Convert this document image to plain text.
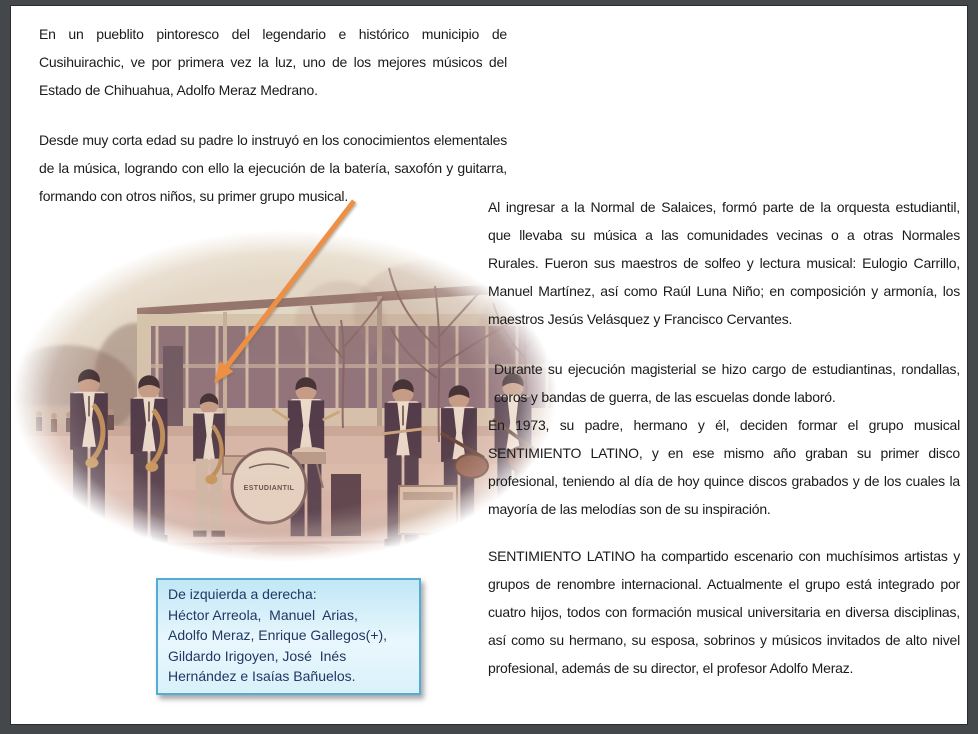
En un pueblito pintoresco del legendario e histórico municipio de Cusihuirachic, ve por primera vez la luz, uno de los mejores músicos del Estado de Chihuahua, Adolfo Meraz Medrano.

Desde muy corta edad su padre lo instruyó en los conocimientos elementales de la música, logrando con ello la ejecución de la batería, saxofón y guitarra, formando con otros niños, su primer grupo musical.

Al ingresar a la Normal de Salaices, formó parte de la orquesta estudiantil, que llevaba su música a las comunidades vecinas o a otras Normales Rurales. Fueron sus maestros de solfeo y lectura musical: Eulogio Carrillo, Manuel Martínez, así como Raúl Luna Niño; en composición y armonía, los maestros Jesús Velásquez y Francisco Cervantes.

Durante su ejecución magisterial se hizo cargo de estudiantinas, rondallas, coros y bandas de guerra, de las escuelas donde laboró.

En 1973, su padre, hermano y él, deciden formar el grupo musical SENTIMIENTO LATINO, y en ese mismo año graban su primer disco profesional, teniendo al día de hoy quince discos grabados y de los cuales la mayoría de las melodías son de su inspiración.

SENTIMIENTO LATINO ha compartido escenario con muchísimos artistas y grupos de renombre internacional. Actualmente el grupo está integrado por cuatro hijos, todos con formación musical universitaria en diversa disciplinas, así como su hermano, su esposa, sobrinos y músicos invitados de alto nivel profesional, además de su director, el profesor Adolfo Meraz.

De izquierda a derecha:
Héctor Arreola,  Manuel  Arias,
Adolfo Meraz, Enrique Gallegos(+),
Gildardo Irigoyen, José  Inés
Hernández e Isaías Bañuelos.
